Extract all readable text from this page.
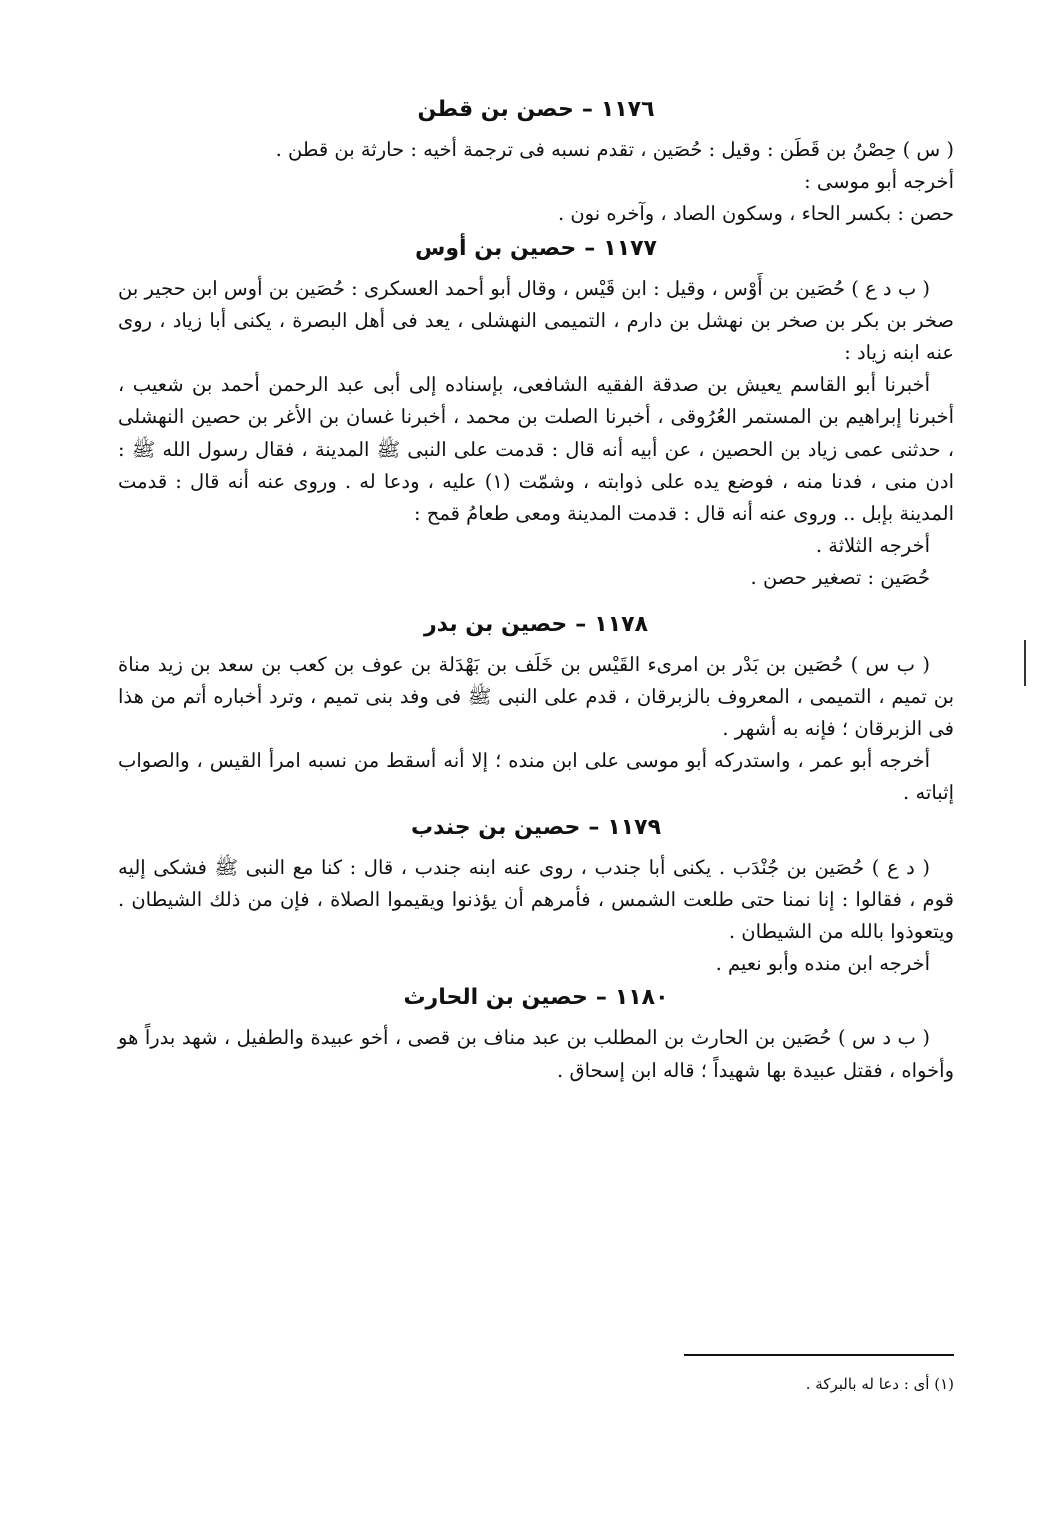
١١٧٦–حصن بن قطن

( س ) حِصْنُ بن قَطَن : وقيل : حُصَين ، تقدم نسبه فى ترجمة أخيه : حارثة بن قطن .

أخرجه أبو موسى :

حصن : بكسر الحاء ، وسكون الصاد ، وآخره نون .

١١٧٧–حصين بن أوس

( ب د ع ) حُصَين بن أَوْس ، وقيل : ابن قَيْس ، وقال أبو أحمد العسكرى : حُصَين بن أوس ابن حجير بن صخر بن بكر بن صخر بن نهشل بن دارم ، التميمى النهشلى ، يعد فى أهل البصرة ، يكنى أبا زياد ، روى عنه ابنه زياد :

أخبرنا أبو القاسم يعيش بن صدقة الفقيه الشافعى، بإسناده إلى أبى عبد الرحمن أحمد بن شعيب ، أخبرنا إبراهيم بن المستمر العُرُوقى ، أخبرنا الصلت بن محمد ، أخبرنا غسان بن الأغر بن حصين النهشلى ، حدثنى عمى زياد بن الحصين ، عن أبيه أنه قال : قدمت على النبى ﷺ المدينة ، فقال رسول الله ﷺ : ادن منى ، فدنا منه ، فوضع يده على ذوابته ، وشمّت (١) عليه ، ودعا له . وروى عنه أنه قال : قدمت المدينة بإبل .. وروى عنه أنه قال : قدمت المدينة ومعى طعامُ قمح :

أخرجه الثلاثة .

حُصَين : تصغير حصن .

١١٧٨–حصين بن بدر

( ب س ) حُصَين بن بَدْر بن امرىء القَيْس بن خَلَف بن بَهْدَلة بن عوف بن كعب بن سعد بن زيد مناة بن تميم ، التميمى ، المعروف بالزبرقان ، قدم على النبى ﷺ فى وفد بنى تميم ، وترد أخباره أتم من هذا فى الزبرقان ؛ فإنه به أشهر .

أخرجه أبو عمر ، واستدركه أبو موسى على ابن منده ؛ إلا أنه أسقط من نسبه امرأ القيس ، والصواب إثباته .

١١٧٩–حصين بن جندب

( د ع ) حُصَين بن جُنْدَب . يكنى أبا جندب ، روى عنه ابنه جندب ، قال : كنا مع النبى ﷺ فشكى إليه قوم ، فقالوا : إنا نمنا حتى طلعت الشمس ، فأمرهم أن يؤذنوا ويقيموا الصلاة ، فإن من ذلك الشيطان . ويتعوذوا بالله من الشيطان .

أخرجه ابن منده وأبو نعيم .

١١٨٠–حصين بن الحارث

( ب د س ) حُصَين بن الحارث بن المطلب بن عبد مناف بن قصى ، أخو عبيدة والطفيل ، شهد بدراً هو وأخواه ، فقتل عبيدة بها شهيداً ؛ قاله ابن إسحاق .

(١) أى : دعا له بالبركة .
